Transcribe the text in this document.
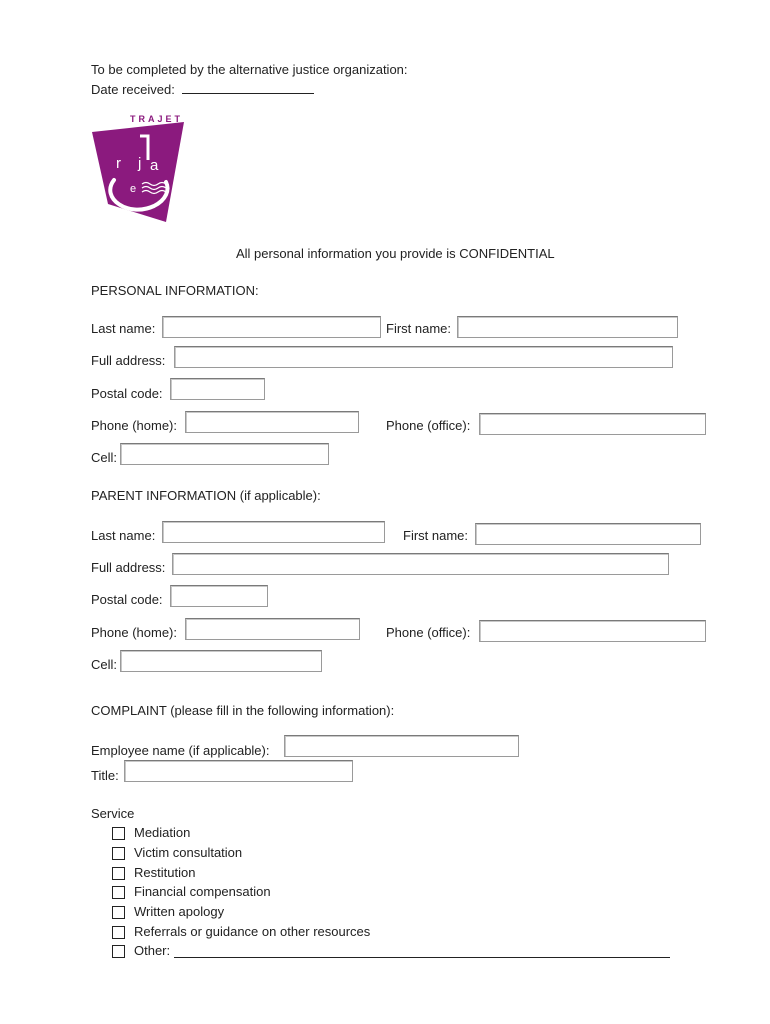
To be completed by the alternative justice organization:
Date received:
TRAJET
r j a
e
All personal information you provide is CONFIDENTIAL
PERSONAL INFORMATION:
Last name:	First name:
Full address:
Postal code:
Phone (home):	Phone (office):
Cell:
PARENT INFORMATION (if applicable):
Last name:	First name:
Full address:
Postal code:
Phone (home):	Phone (office):
Cell:
COMPLAINT (please fill in the following information):
Employee name (if applicable):
Title:
Service
Mediation
Victim consultation
Restitution
Financial compensation
Written apology
Referrals or guidance on other resources
Other:
